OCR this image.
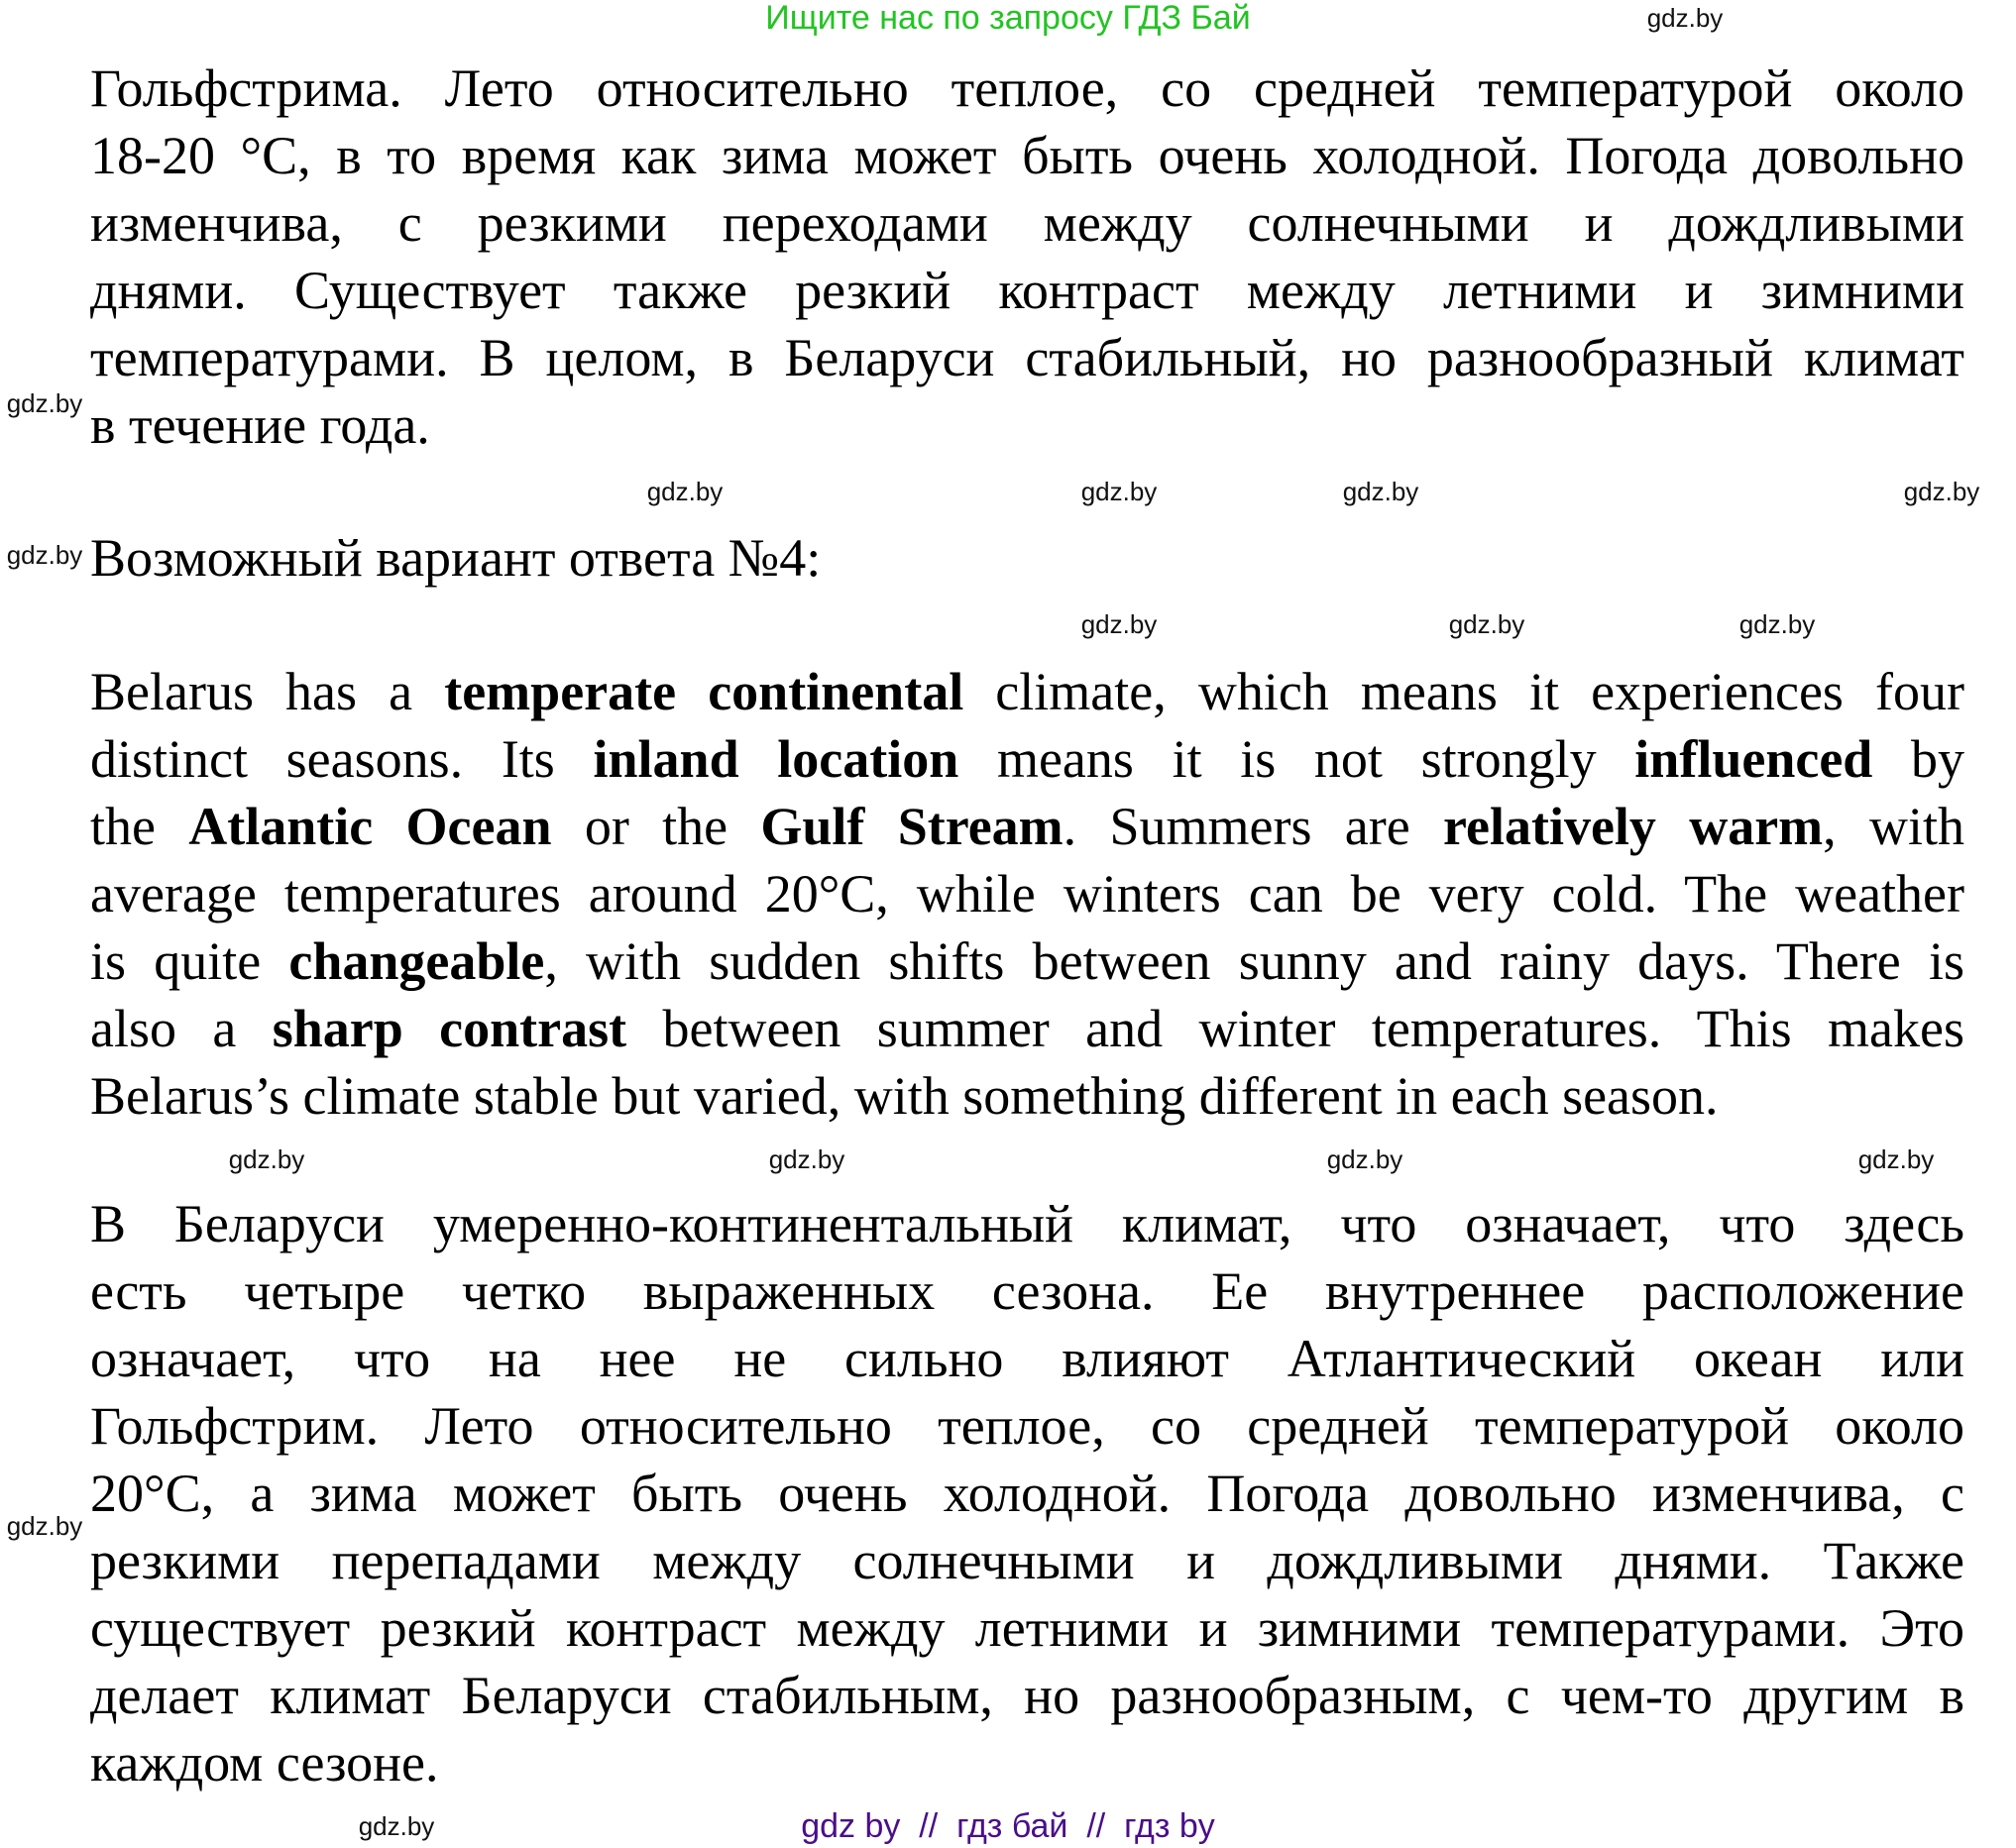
Ищите нас по запросу ГДЗ Бай
Гольфстрима. Лето относительно теплое, со средней температурой около
18-20 °C, в то время как зима может быть очень холодной. Погода довольно
изменчива, с резкими переходами между солнечными и дождливыми
днями. Существует также резкий контраст между летними и зимними
температурами. В целом, в Беларуси стабильный, но разнообразный климат
в течение года.
Возможный вариант ответа №4:
Belarus has a temperate continental climate, which means it experiences four
distinct seasons. Its inland location means it is not strongly influenced by
the Atlantic Ocean or the Gulf Stream. Summers are relatively warm, with
average temperatures around 20°C, while winters can be very cold. The weather
is quite changeable, with sudden shifts between sunny and rainy days. There is
also a sharp contrast between summer and winter temperatures. This makes
Belarus’s climate stable but varied, with something different in each season.
В Беларуси умеренно-континентальный климат, что означает, что здесь
есть четыре четко выраженных сезона. Ее внутреннее расположение
означает, что на нее не сильно влияют Атлантический океан или
Гольфстрим. Лето относительно теплое, со средней температурой около
20°C, а зима может быть очень холодной. Погода довольно изменчива, с
резкими перепадами между солнечными и дождливыми днями. Также
существует резкий контраст между летними и зимними температурами. Это
делает климат Беларуси стабильным, но разнообразным, с чем-то другим в
каждом сезоне.
gdz.by	gdz.by	gdz.by	gdz.by
gdz.by	gdz.by	gdz.by
gdz.by	gdz.by	gdz.by	gdz.by
gdz.by
gdz.by
gdz.by
gdz.by
gdz.by	gdz by  //  гдз бай  //  гдз by
